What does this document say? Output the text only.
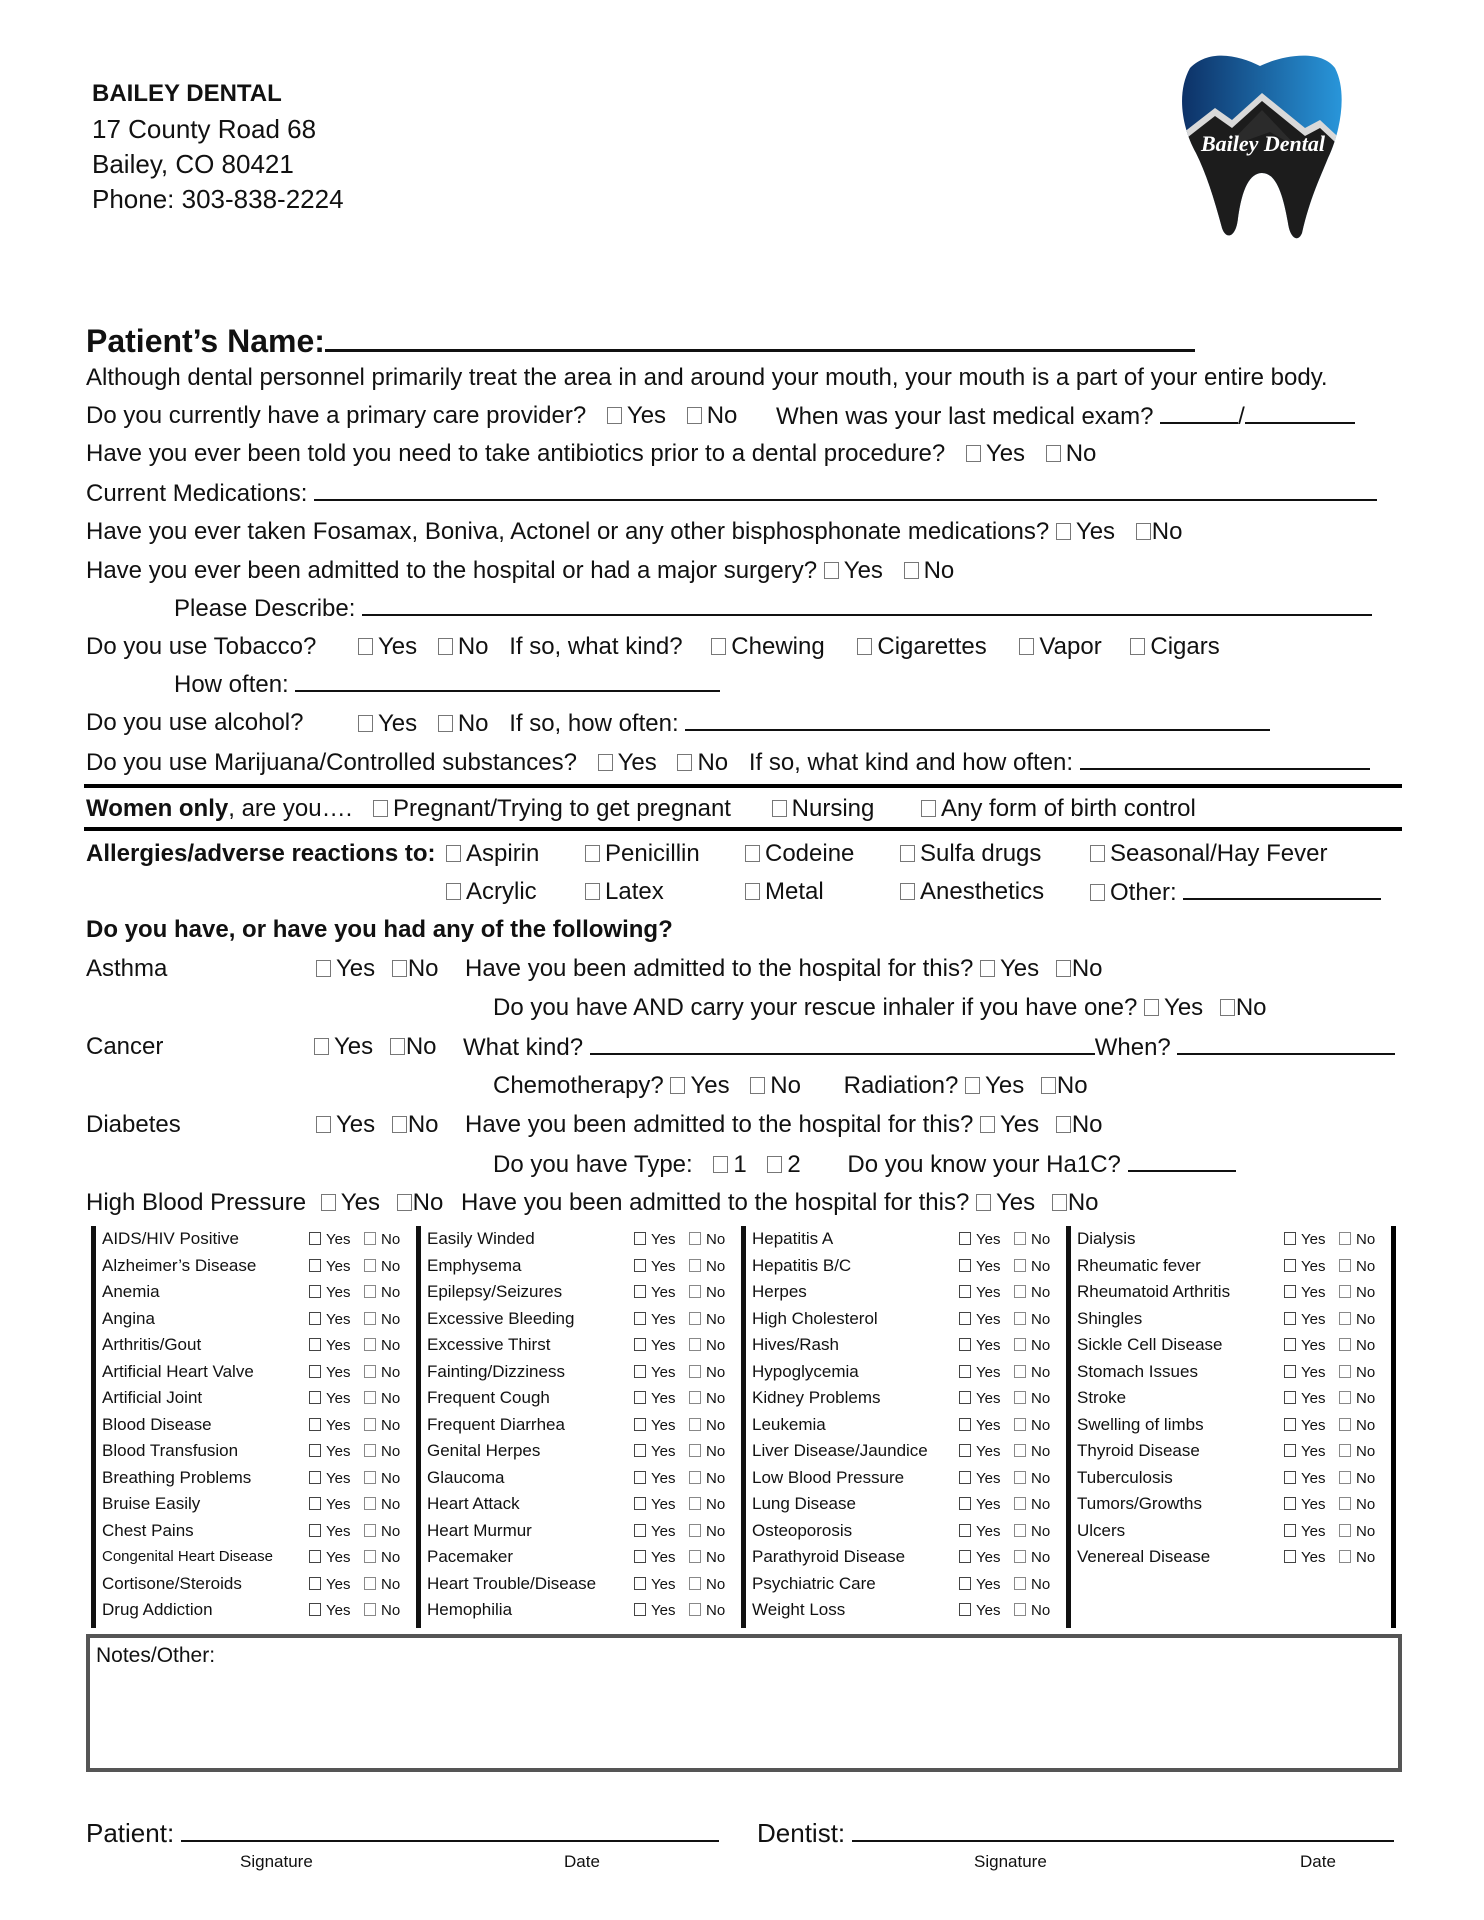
BAILEY DENTAL
17 County Road 68
Bailey, CO 80421
Phone: 303-838-2224
Bailey Dental
Patient’s Name:
Although dental personnel primarily treat the area in and around your mouth, your mouth is a part of your entire body.
Do you currently have a primary care provider? Yes No When was your last medical exam?	/
Have you ever been told you need to take antibiotics prior to a dental procedure? Yes No
Current Medications:
Have you ever taken Fosamax, Boniva, Actonel or any other bisphosphonate medications? Yes No
Have you ever been admitted to the hospital or had a major surgery? Yes No
Please Describe:
Do you use Tobacco?	Yes No If so, what kind? Chewing Cigarettes Vapor Cigars
How often:
Do you use alcohol?	Yes No If so, how often:
Do you use Marijuana/Controlled substances? Yes No If so, what kind and how often:
Women only, are you…. Pregnant/Trying to get pregnant	Nursing	Any form of birth control
Allergies/adverse reactions to:	Aspirin	Penicillin	Codeine	Sulfa drugs	Seasonal/Hay Fever
Acrylic	Latex	Metal	Anesthetics	Other:
Do you have, or have you had any of the following?
Asthma	Yes No Have you been admitted to the hospital for this? Yes No
Do you have AND carry your rescue inhaler if you have one? Yes No
Cancer	Yes No What kind?	When?
Chemotherapy? Yes No Radiation? Yes No
Diabetes	Yes No Have you been admitted to the hospital for this? Yes No
Do you have Type: 1 2 Do you know your Ha1C?
High Blood Pressure Yes No Have you been admitted to the hospital for this? Yes No
AIDS/HIV Positive	Yes	No
Alzheimer’s Disease	Yes	No
Anemia	Yes	No
Angina	Yes	No
Arthritis/Gout	Yes	No
Artificial Heart Valve	Yes	No
Artificial Joint	Yes	No
Blood Disease	Yes	No
Blood Transfusion	Yes	No
Breathing Problems	Yes	No
Bruise Easily	Yes	No
Chest Pains	Yes	No
Congenital Heart Disease	Yes	No
Cortisone/Steroids	Yes	No
Drug Addiction	Yes	No
Easily Winded	Yes	No
Emphysema	Yes	No
Epilepsy/Seizures	Yes	No
Excessive Bleeding	Yes	No
Excessive Thirst	Yes	No
Fainting/Dizziness	Yes	No
Frequent Cough	Yes	No
Frequent Diarrhea	Yes	No
Genital Herpes	Yes	No
Glaucoma	Yes	No
Heart Attack	Yes	No
Heart Murmur	Yes	No
Pacemaker	Yes	No
Heart Trouble/Disease	Yes	No
Hemophilia	Yes	No
Hepatitis A	Yes	No
Hepatitis B/C	Yes	No
Herpes	Yes	No
High Cholesterol	Yes	No
Hives/Rash	Yes	No
Hypoglycemia	Yes	No
Kidney Problems	Yes	No
Leukemia	Yes	No
Liver Disease/Jaundice	Yes	No
Low Blood Pressure	Yes	No
Lung Disease	Yes	No
Osteoporosis	Yes	No
Parathyroid Disease	Yes	No
Psychiatric Care	Yes	No
Weight Loss	Yes	No
Dialysis	Yes	No
Rheumatic fever	Yes	No
Rheumatoid Arthritis	Yes	No
Shingles	Yes	No
Sickle Cell Disease	Yes	No
Stomach Issues	Yes	No
Stroke	Yes	No
Swelling of limbs	Yes	No
Thyroid Disease	Yes	No
Tuberculosis	Yes	No
Tumors/Growths	Yes	No
Ulcers	Yes	No
Venereal Disease	Yes	No
Notes/Other:
Patient:
Signature	Date
Dentist:
Signature	Date
